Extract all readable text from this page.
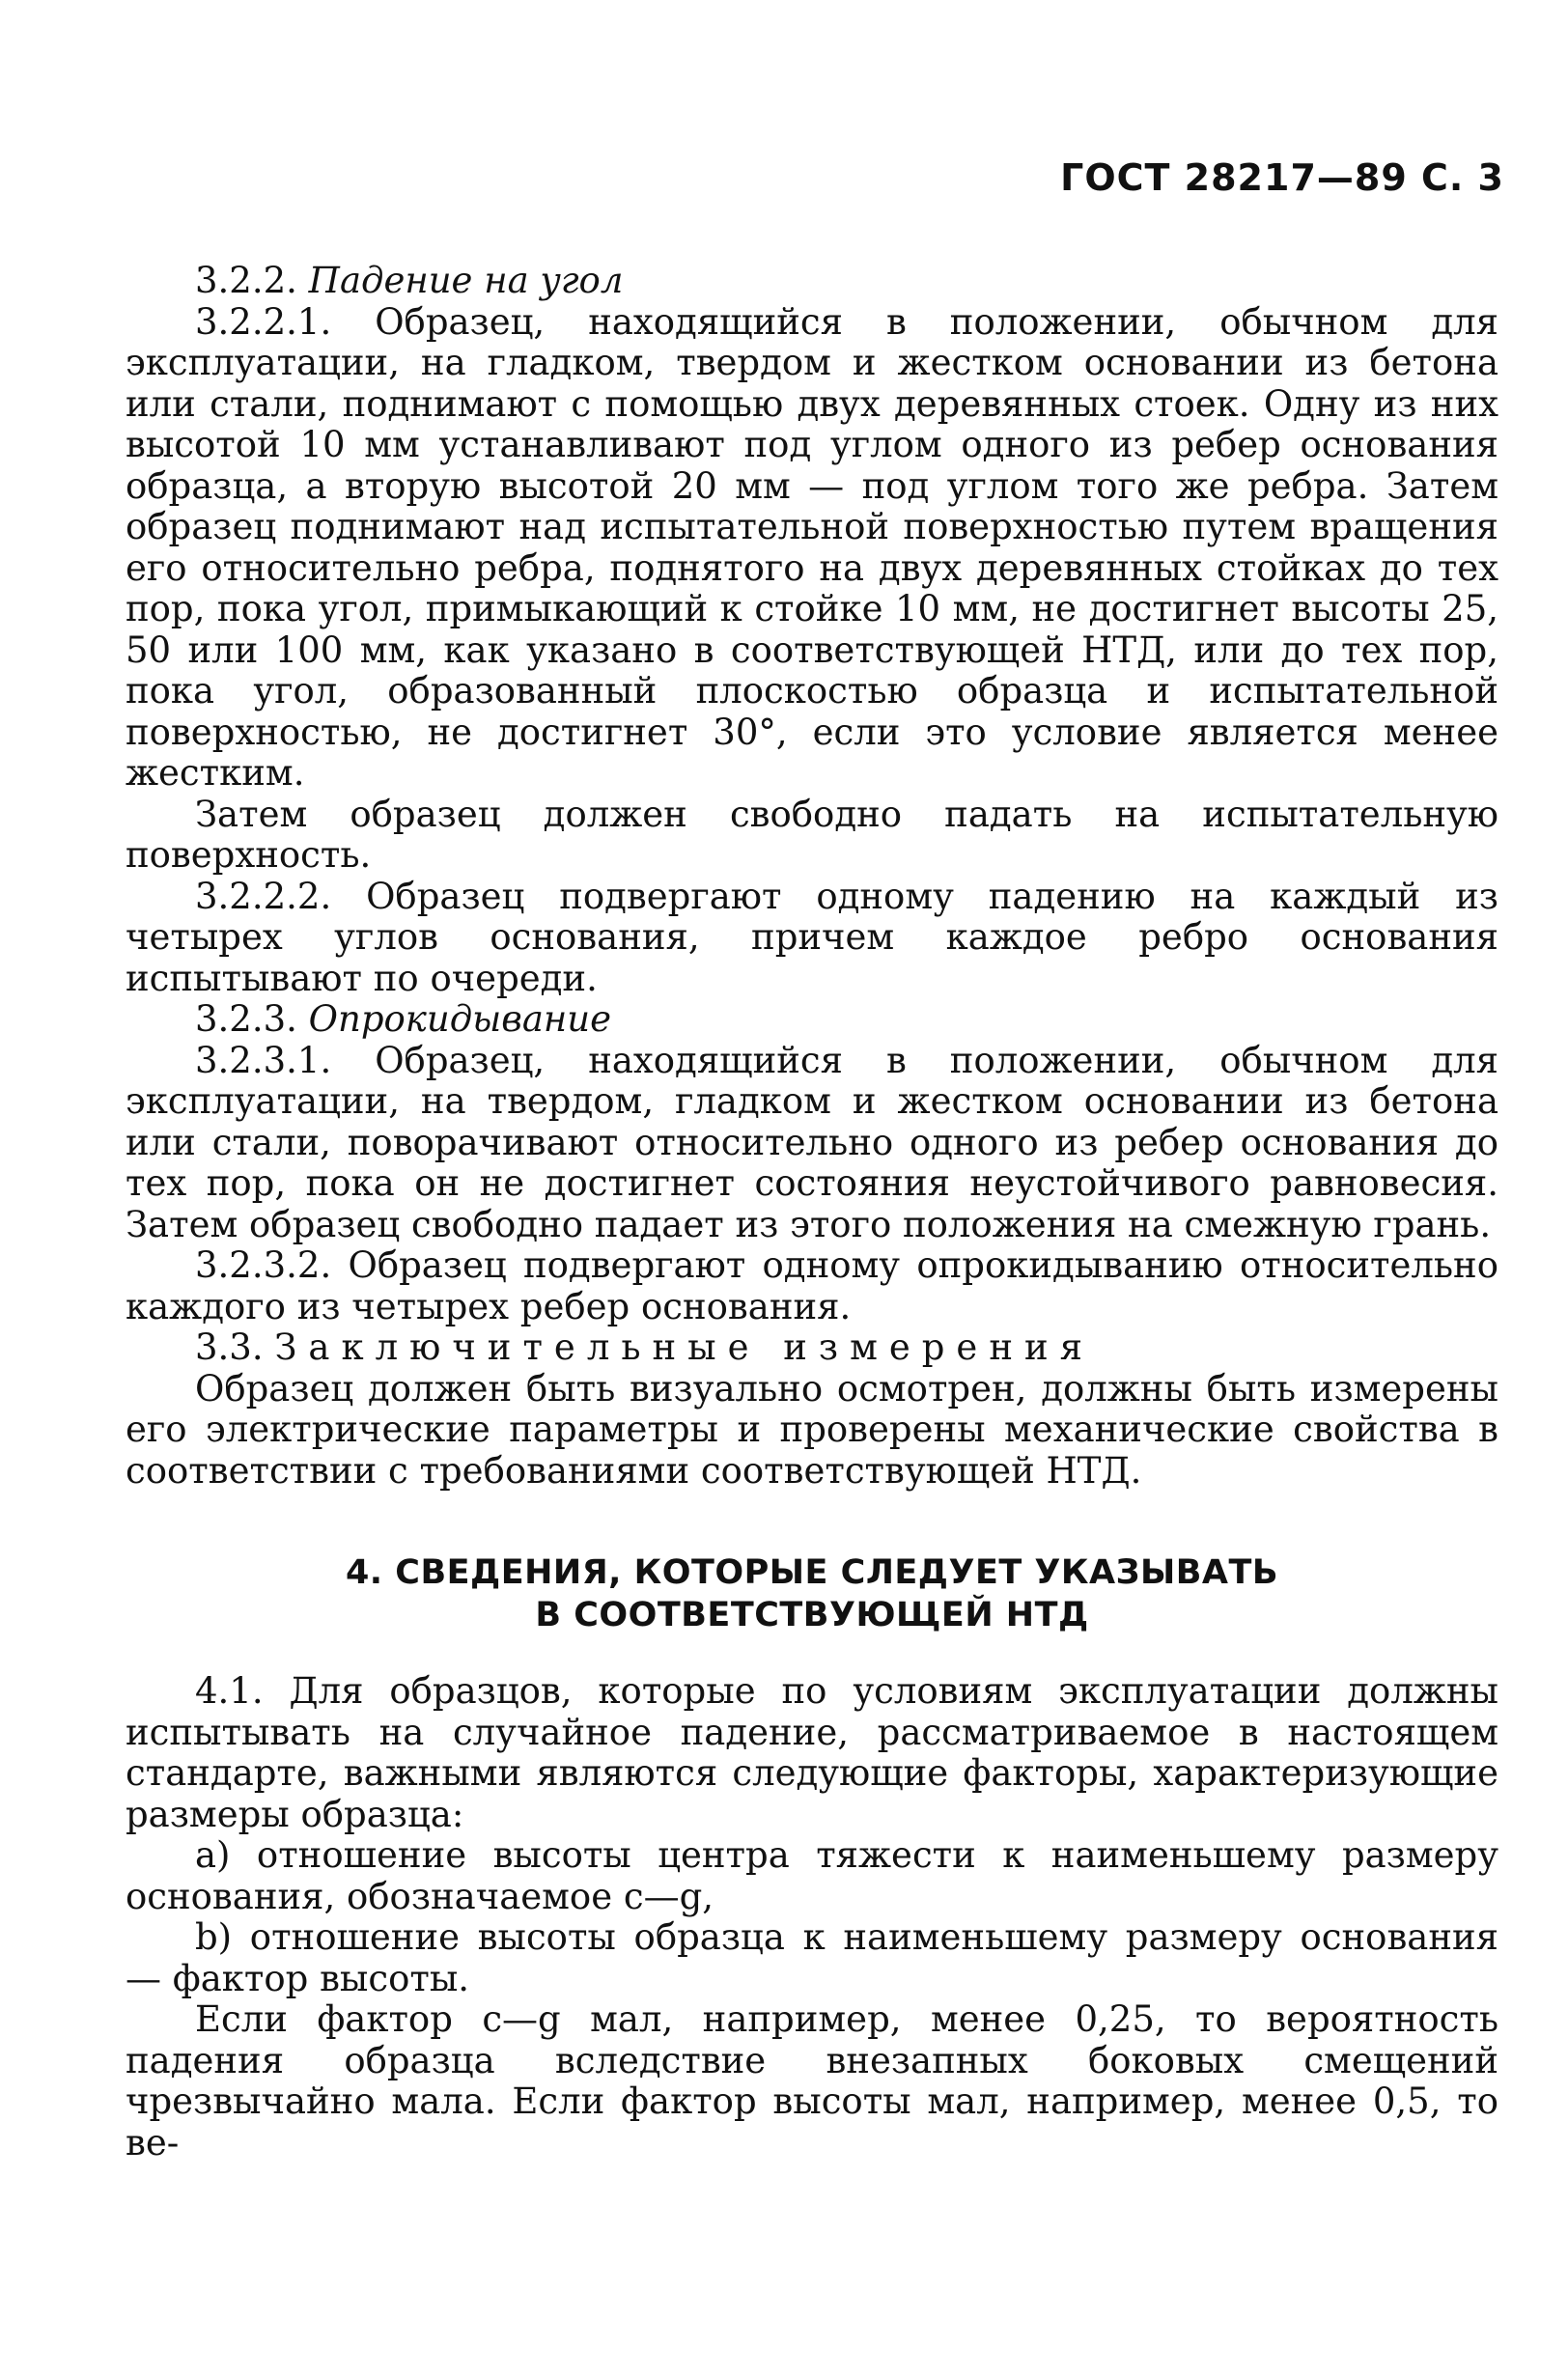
ГОСТ 28217—89 С. 3

3.2.2. Падение на угол

3.2.2.1. Образец, находящийся в положении, обычном для эксплуатации, на гладком, твердом и жестком основании из бетона или стали, поднимают с помощью двух деревянных стоек. Одну из них высотой 10 мм устанавливают под углом одного из ребер основания образца, а вторую высотой 20 мм — под углом того же ребра. Затем образец поднимают над испытательной поверхностью путем вращения его относительно ребра, поднятого на двух деревянных стойках до тех пор, пока угол, примыкающий к стойке 10 мм, не достигнет высоты 25, 50 или 100 мм, как указано в соответствующей НТД, или до тех пор, пока угол, образованный плоскостью образца и испытательной поверхностью, не достигнет 30°, если это условие является менее жестким.

Затем образец должен свободно падать на испытательную поверхность.

3.2.2.2. Образец подвергают одному падению на каждый из четырех углов основания, причем каждое ребро основания испытывают по очереди.

3.2.3. Опрокидывание

3.2.3.1. Образец, находящийся в положении, обычном для эксплуатации, на твердом, гладком и жестком основании из бетона или стали, поворачивают относительно одного из ребер основания до тех пор, пока он не достигнет состояния неустойчивого равновесия. Затем образец свободно падает из этого положения на смежную грань.

3.2.3.2. Образец подвергают одному опрокидыванию относительно каждого из четырех ребер основания.

3.3. Заключительные измерения

Образец должен быть визуально осмотрен, должны быть измерены его электрические параметры и проверены механические свойства в соответствии с требованиями соответствующей НТД.

4. СВЕДЕНИЯ, КОТОРЫЕ СЛЕДУЕТ УКАЗЫВАТЬ
В СООТВЕТСТВУЮЩЕЙ НТД

4.1. Для образцов, которые по условиям эксплуатации должны испытывать на случайное падение, рассматриваемое в настоящем стандарте, важными являются следующие факторы, характеризующие размеры образца:

a) отношение высоты центра тяжести к наименьшему размеру основания, обозначаемое c—g,

b) отношение высоты образца к наименьшему размеру основания — фактор высоты.

Если фактор c—g мал, например, менее 0,25, то вероятность падения образца вследствие внезапных боковых смещений чрезвычайно мала. Если фактор высоты мал, например, менее 0,5, то ве-
